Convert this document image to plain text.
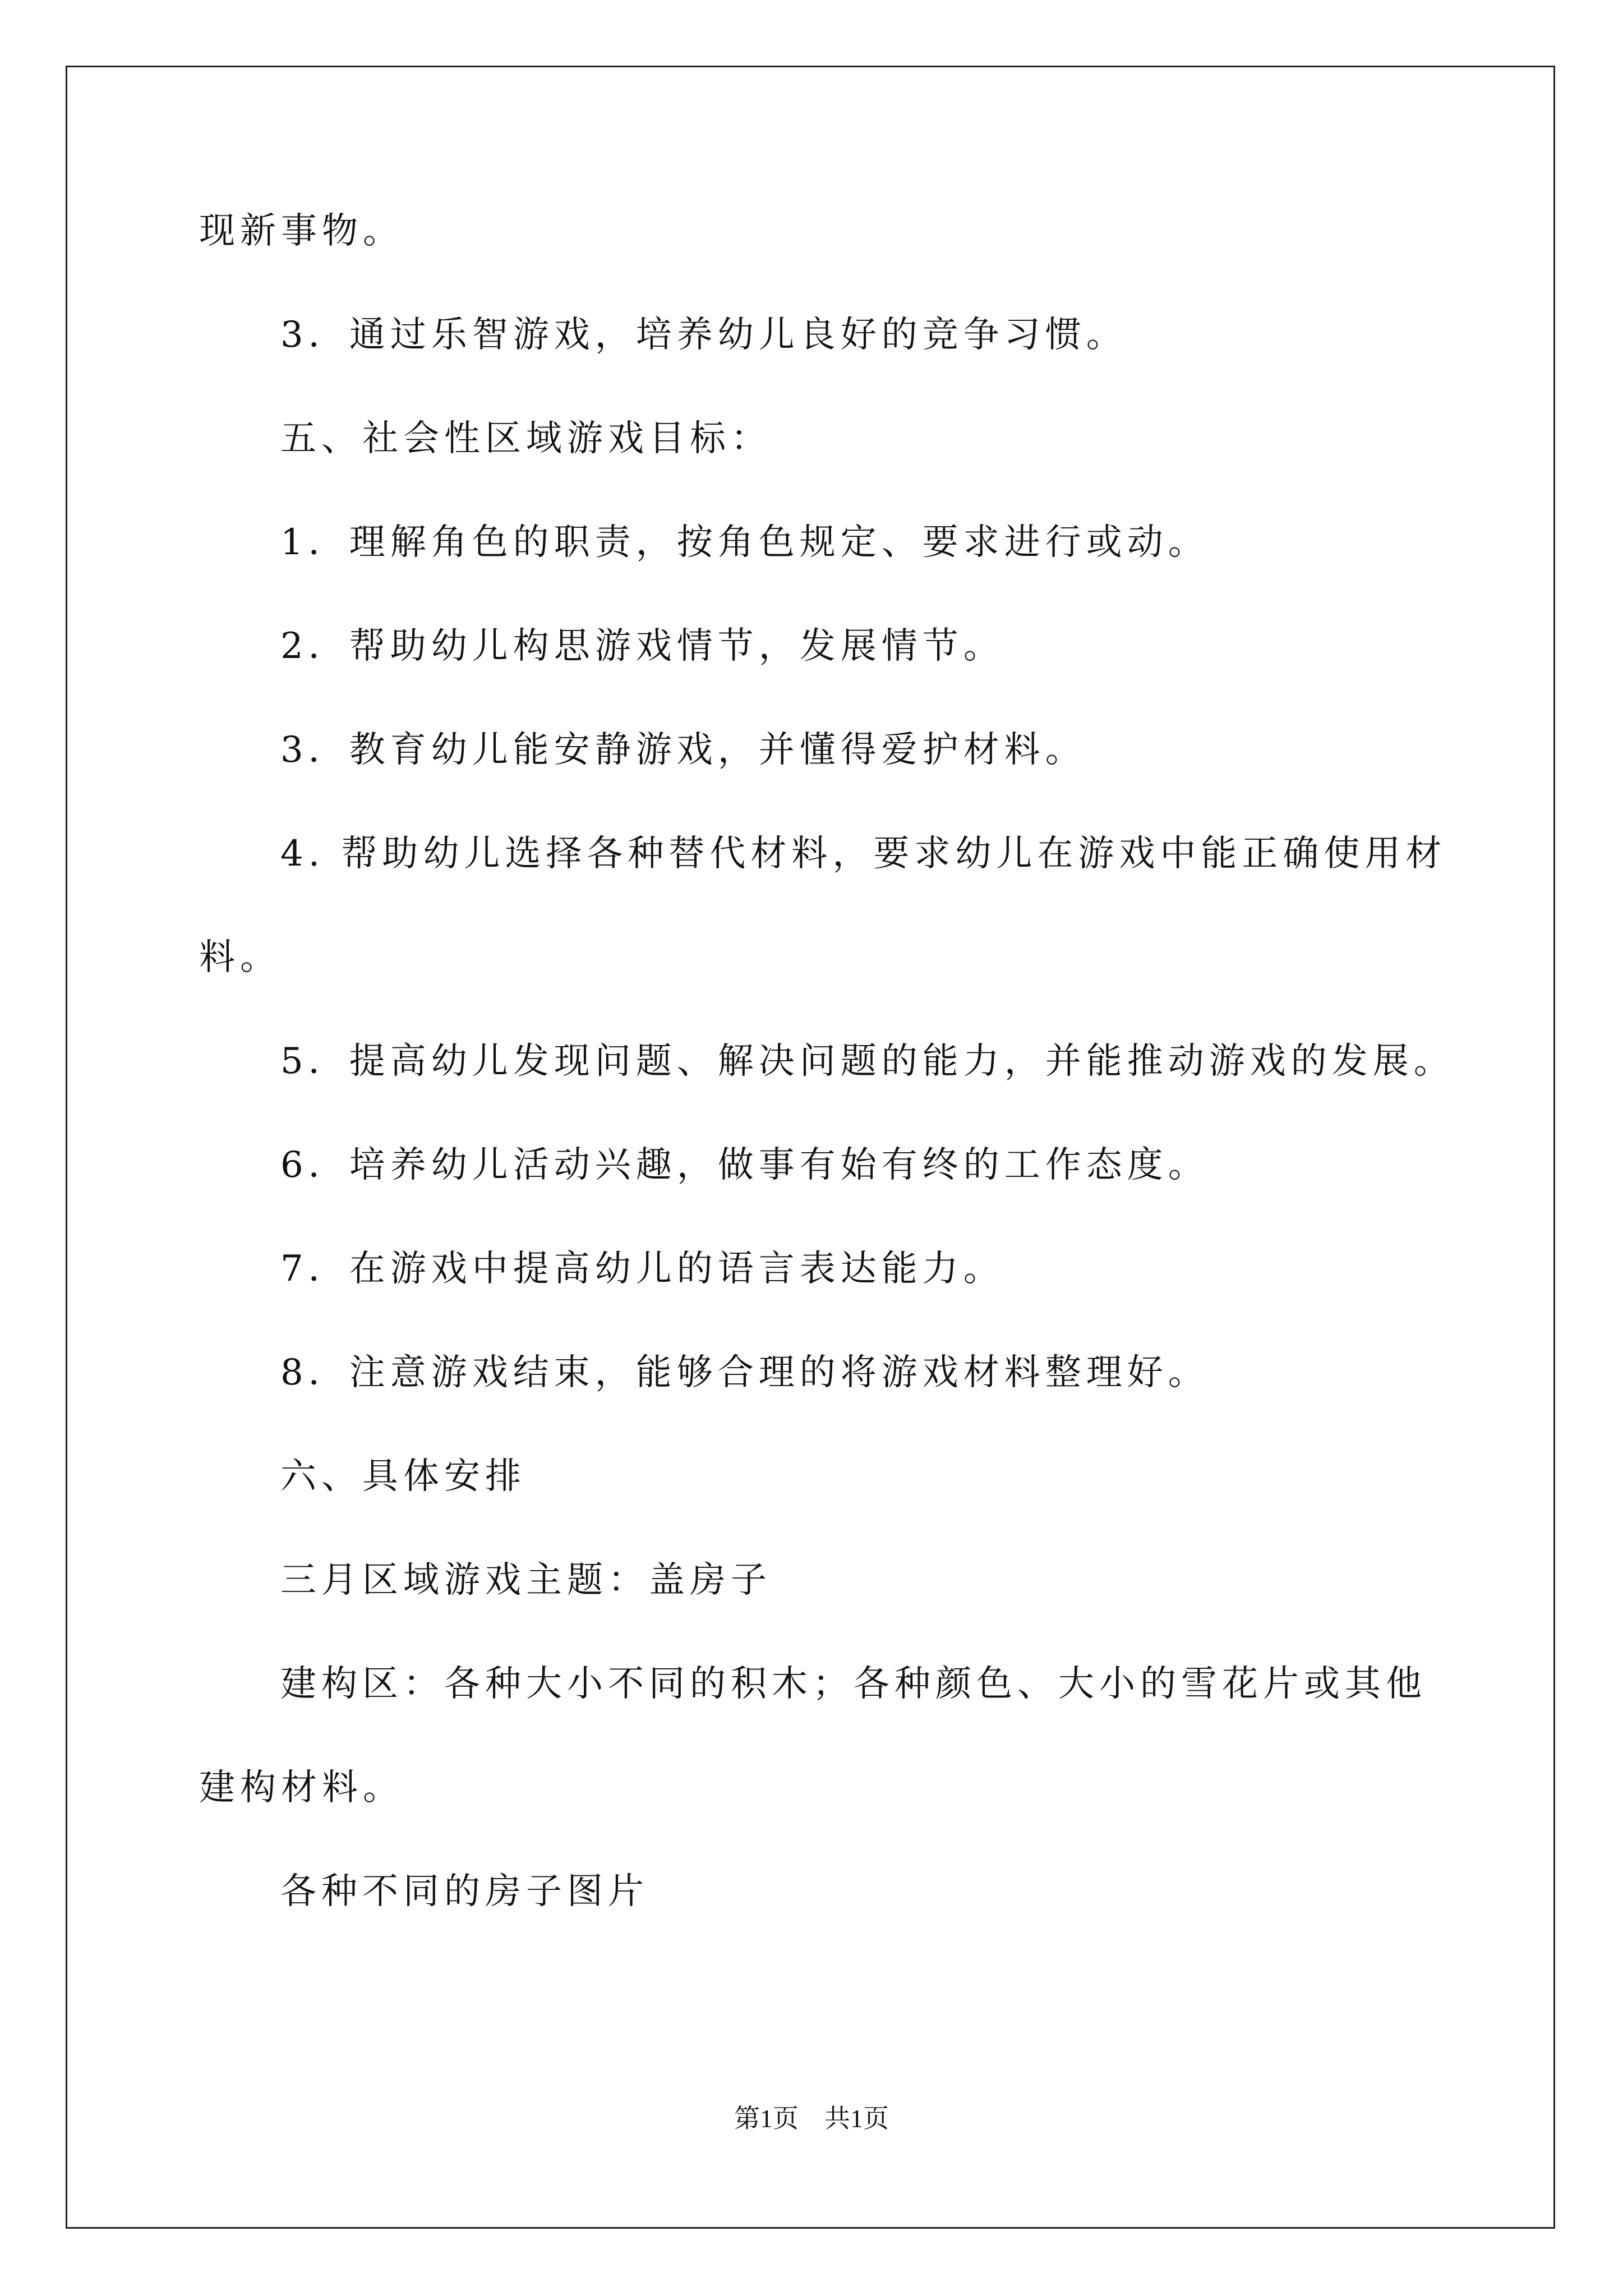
现新事物。
3．通过乐智游戏，培养幼儿良好的竞争习惯。
五、社会性区域游戏目标：
1．理解角色的职责，按角色规定、要求进行或动。
2．帮助幼儿构思游戏情节，发展情节。
3．教育幼儿能安静游戏，并懂得爱护材料。
4. 帮助幼儿选择各种替代材料，要求幼儿在游戏中能正确使用材
料。
5．提高幼儿发现问题、解决问题的能力，并能推动游戏的发展。
6．培养幼儿活动兴趣，做事有始有终的工作态度。
7．在游戏中提高幼儿的语言表达能力。
8．注意游戏结束，能够合理的将游戏材料整理好。
六、具体安排
三月区域游戏主题：盖房子
建构区：各种大小不同的积木；各种颜色、大小的雪花片或其他
建构材料。
各种不同的房子图片
第1页　共1页
